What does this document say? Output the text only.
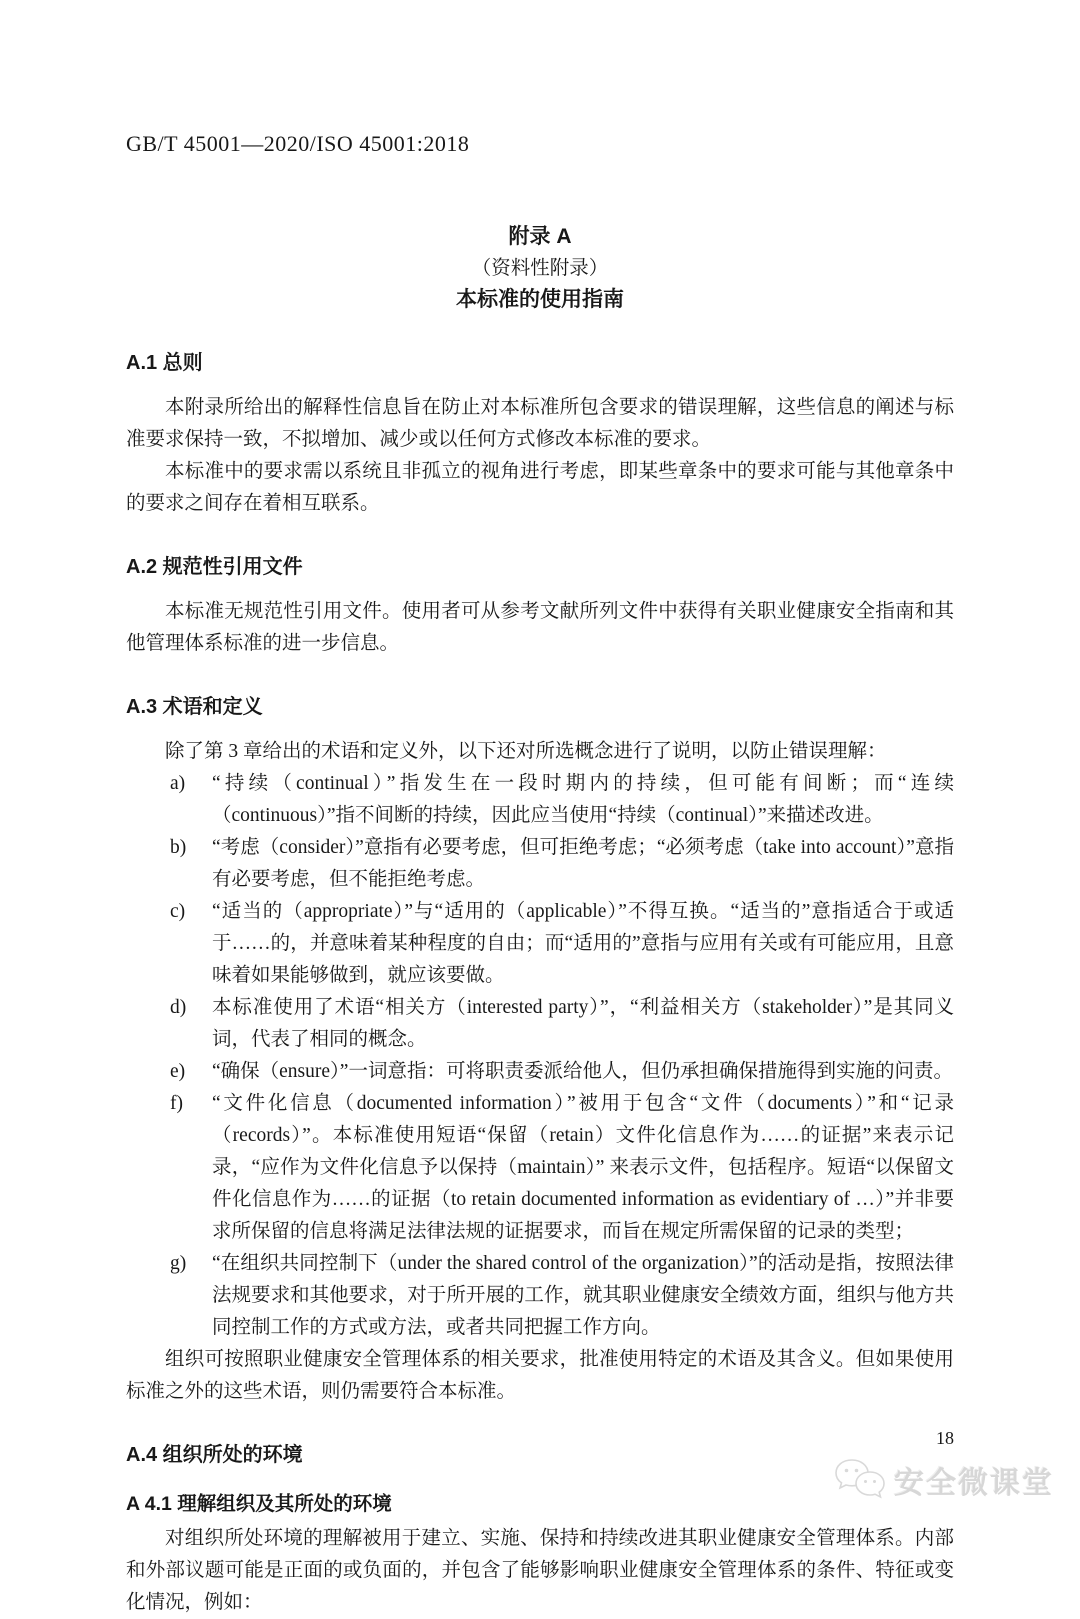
GB/T 45001—2020/ISO 45001:2018
附录 A
（资料性附录）
本标准的使用指南
A.1 总则

本附录所给出的解释性信息旨在防止对本标准所包含要求的错误理解，这些信息的阐述与标准要求保持一致，不拟增加、减少或以任何方式修改本标准的要求。

本标准中的要求需以系统且非孤立的视角进行考虑，即某些章条中的要求可能与其他章条中的要求之间存在着相互联系。

A.2 规范性引用文件

本标准无规范性引用文件。使用者可从参考文献所列文件中获得有关职业健康安全指南和其他管理体系标准的进一步信息。

A.3 术语和定义

除了第 3 章给出的术语和定义外，以下还对所选概念进行了说明，以防止错误理解：

a)	“持续（continual）”指发生在一段时期内的持续，但可能有间断；而“连续（continuous）”指不间断的持续，因此应当使用“持续（continual）”来描述改进。
b)	“考虑（consider）”意指有必要考虑，但可拒绝考虑；“必须考虑（take into account）”意指有必要考虑，但不能拒绝考虑。
c)	“适当的（appropriate）”与“适用的（applicable）”不得互换。“适当的”意指适合于或适于……的，并意味着某种程度的自由；而“适用的”意指与应用有关或有可能应用，且意味着如果能够做到，就应该要做。
d)	本标准使用了术语“相关方（interested party）”，“利益相关方（stakeholder）”是其同义词，代表了相同的概念。
e)	“确保（ensure）”一词意指：可将职责委派给他人，但仍承担确保措施得到实施的问责。
f)	“文件化信息（documented information）”被用于包含“文件（documents）”和“记录（records）”。本标准使用短语“保留（retain）文件化信息作为……的证据”来表示记录，“应作为文件化信息予以保持（maintain）” 来表示文件，包括程序。短语“以保留文件化信息作为……的证据（to retain documented information as evidentiary of …）”并非要求所保留的信息将满足法律法规的证据要求，而旨在规定所需保留的记录的类型；
g)	“在组织共同控制下（under the shared control of the organization）”的活动是指，按照法律法规要求和其他要求，对于所开展的工作，就其职业健康安全绩效方面，组织与他方共同控制工作的方式或方法，或者共同把握工作方向。

组织可按照职业健康安全管理体系的相关要求，批准使用特定的术语及其含义。但如果使用标准之外的这些术语，则仍需要符合本标准。

A.4 组织所处的环境
A 4.1 理解组织及其所处的环境

对组织所处环境的理解被用于建立、实施、保持和持续改进其职业健康安全管理体系。内部和外部议题可能是正面的或负面的，并包含了能够影响职业健康安全管理体系的条件、特征或变化情况，例如：

18
安全微课堂
